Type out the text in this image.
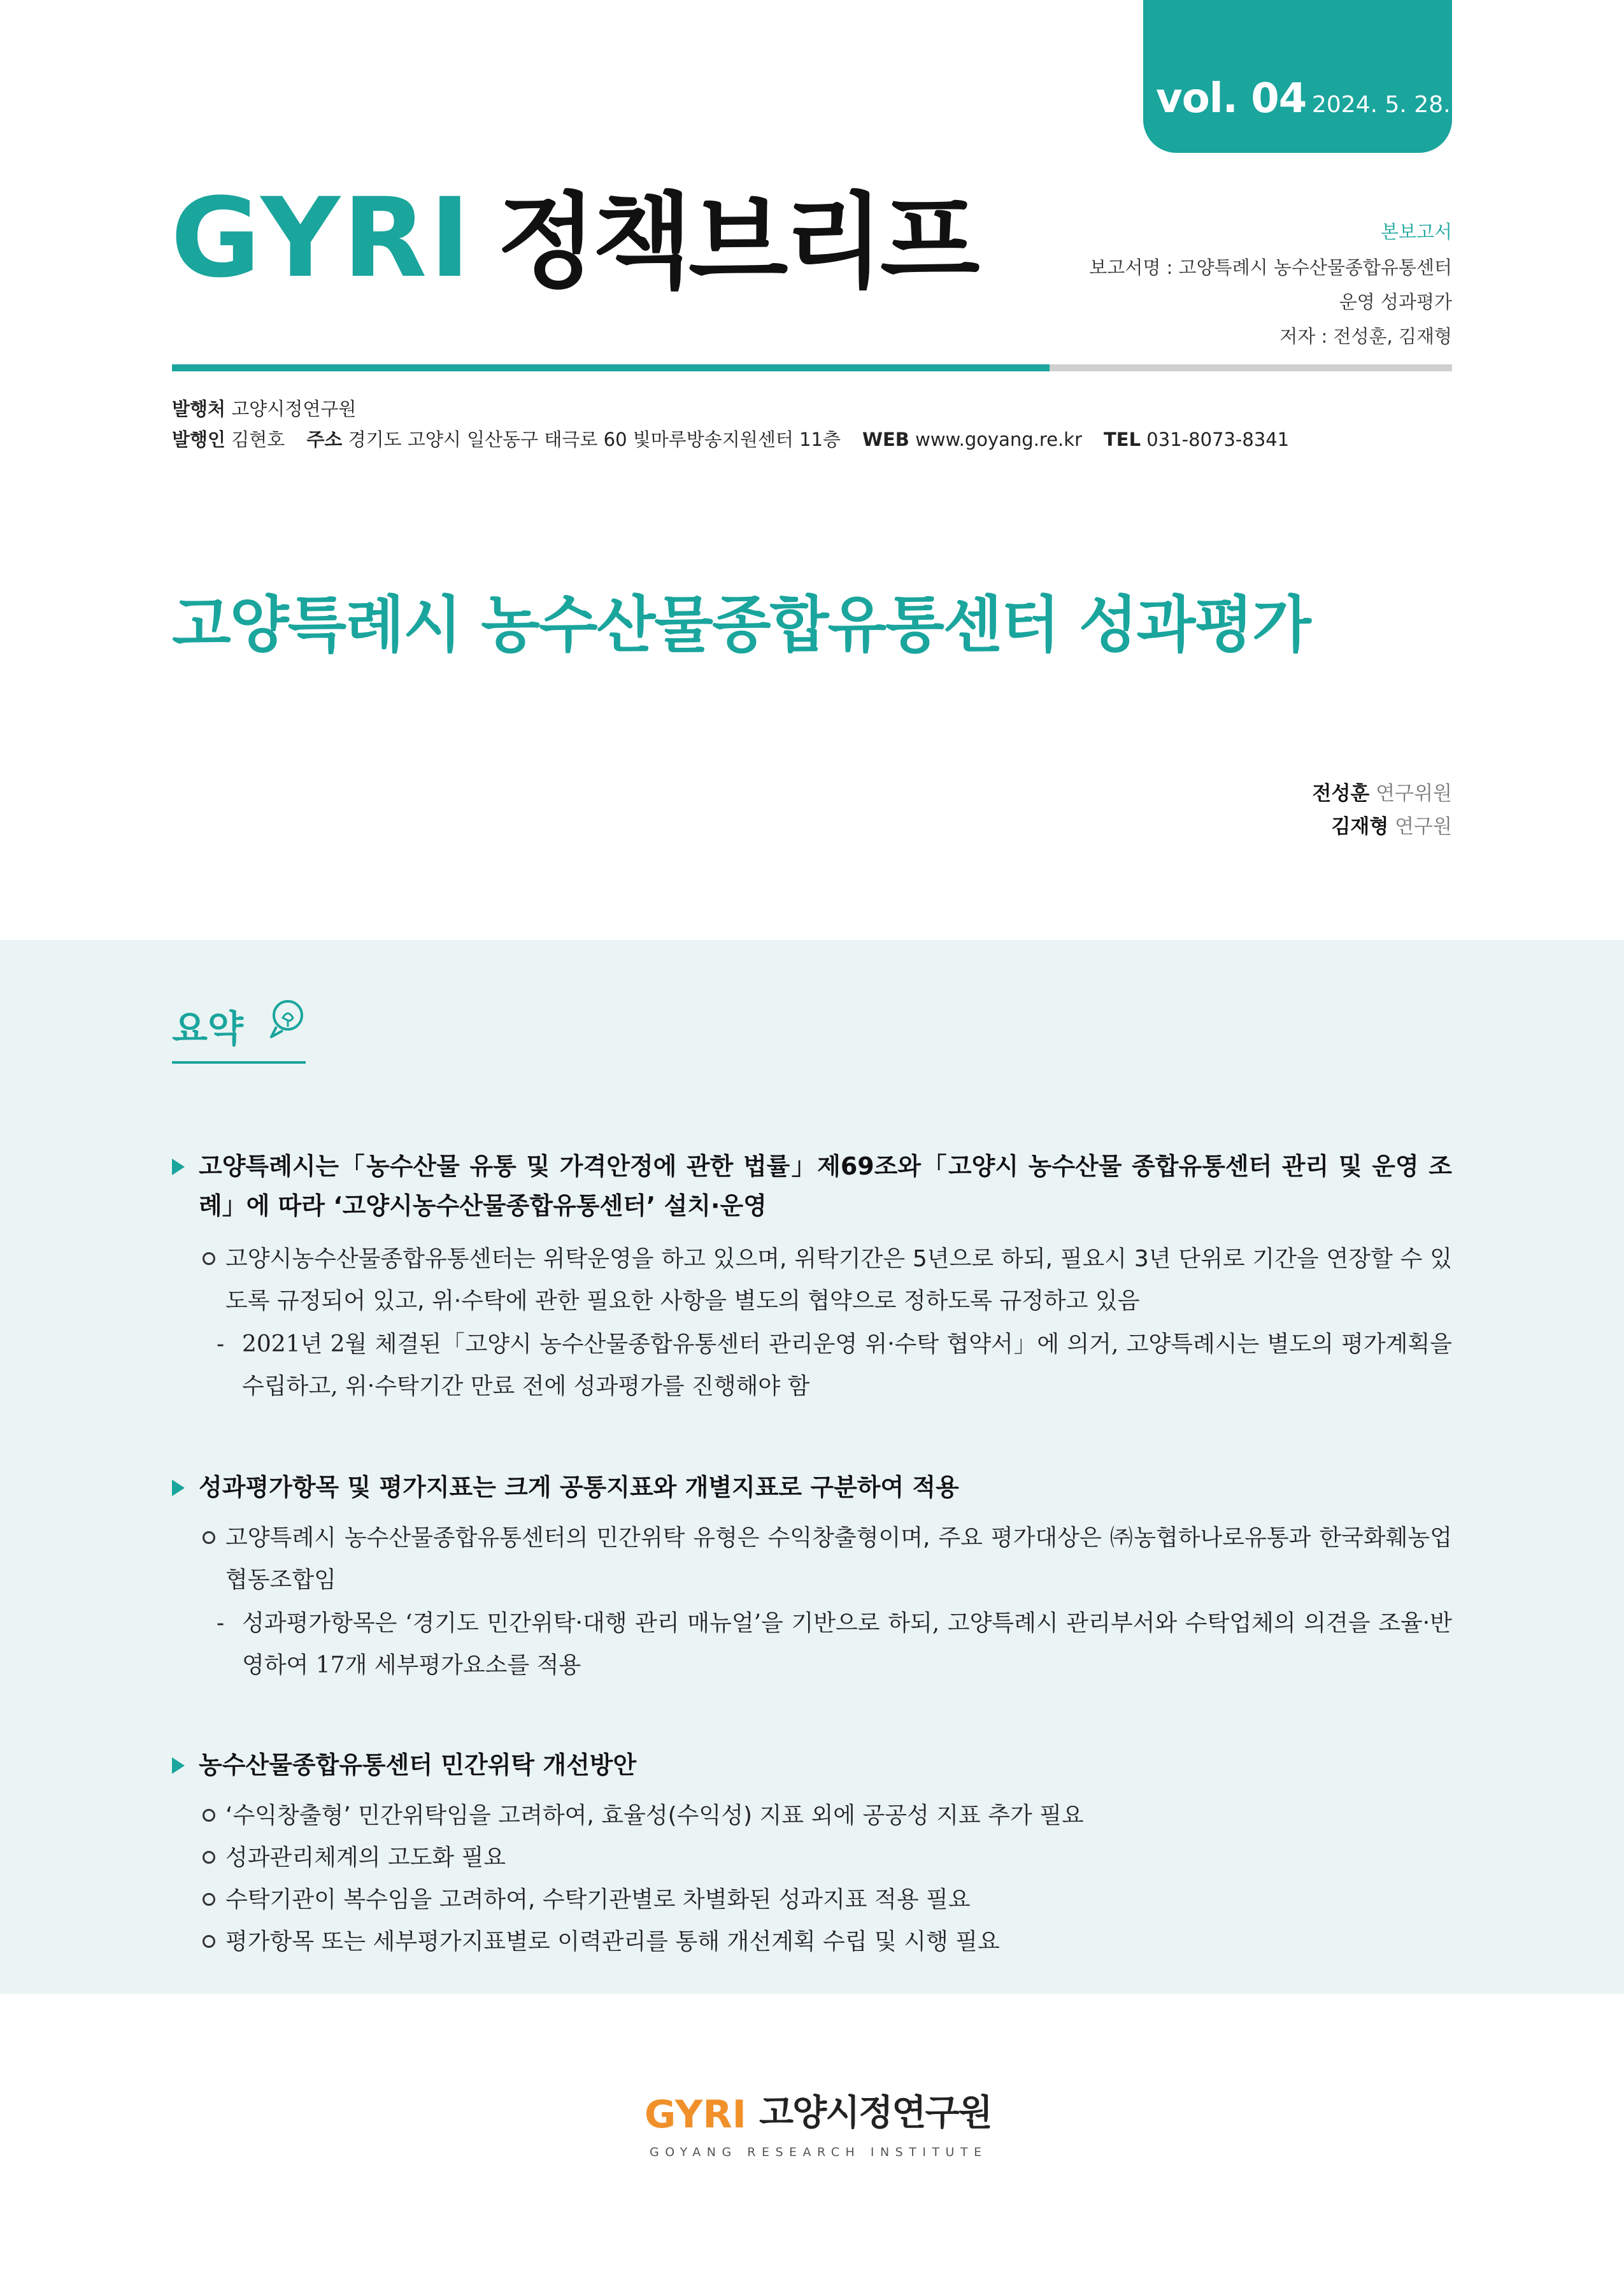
vol. 04 2024. 5. 28.
GYRI 정책브리프	본보고서
보고서명 : 고양특례시 농수산물종합유통센터
운영 성과평가
저자 : 전성훈, 김재형
발행처 고양시정연구원
발행인 김현호 주소 경기도 고양시 일산동구 태극로 60 빛마루방송지원센터 11층 WEB www.goyang.re.kr TEL 031-8073-8341
고양특례시 농수산물종합유통센터 성과평가
전성훈 연구위원
김재형 연구원
요약
고양특례시는「농수산물 유통 및 가격안정에 관한 법률」제69조와「고양시 농수산물 종합유통센터 관리 및 운영 조례」에 따라 ‘고양시농수산물종합유통센터’ 설치·운영
고양시농수산물종합유통센터는 위탁운영을 하고 있으며, 위탁기간은 5년으로 하되, 필요시 3년 단위로 기간을 연장할 수 있도록 규정되어 있고, 위·수탁에 관한 필요한 사항을 별도의 협약으로 정하도록 규정하고 있음
- 2021년 2월 체결된「고양시 농수산물종합유통센터 관리운영 위·수탁 협약서」에 의거, 고양특례시는 별도의 평가계획을 수립하고, 위·수탁기간 만료 전에 성과평가를 진행해야 함
성과평가항목 및 평가지표는 크게 공통지표와 개별지표로 구분하여 적용
고양특례시 농수산물종합유통센터의 민간위탁 유형은 수익창출형이며, 주요 평가대상은 ㈜농협하나로유통과 한국화훼농업협동조합임
- 성과평가항목은 ‘경기도 민간위탁·대행 관리 매뉴얼’을 기반으로 하되, 고양특례시 관리부서와 수탁업체의 의견을 조율·반영하여 17개 세부평가요소를 적용
농수산물종합유통센터 민간위탁 개선방안
‘수익창출형’ 민간위탁임을 고려하여, 효율성(수익성) 지표 외에 공공성 지표 추가 필요
성과관리체계의 고도화 필요
수탁기관이 복수임을 고려하여, 수탁기관별로 차별화된 성과지표 적용 필요
평가항목 또는 세부평가지표별로 이력관리를 통해 개선계획 수립 및 시행 필요
GYRI 고양시정연구원
GOYANG RESEARCH INSTITUTE
